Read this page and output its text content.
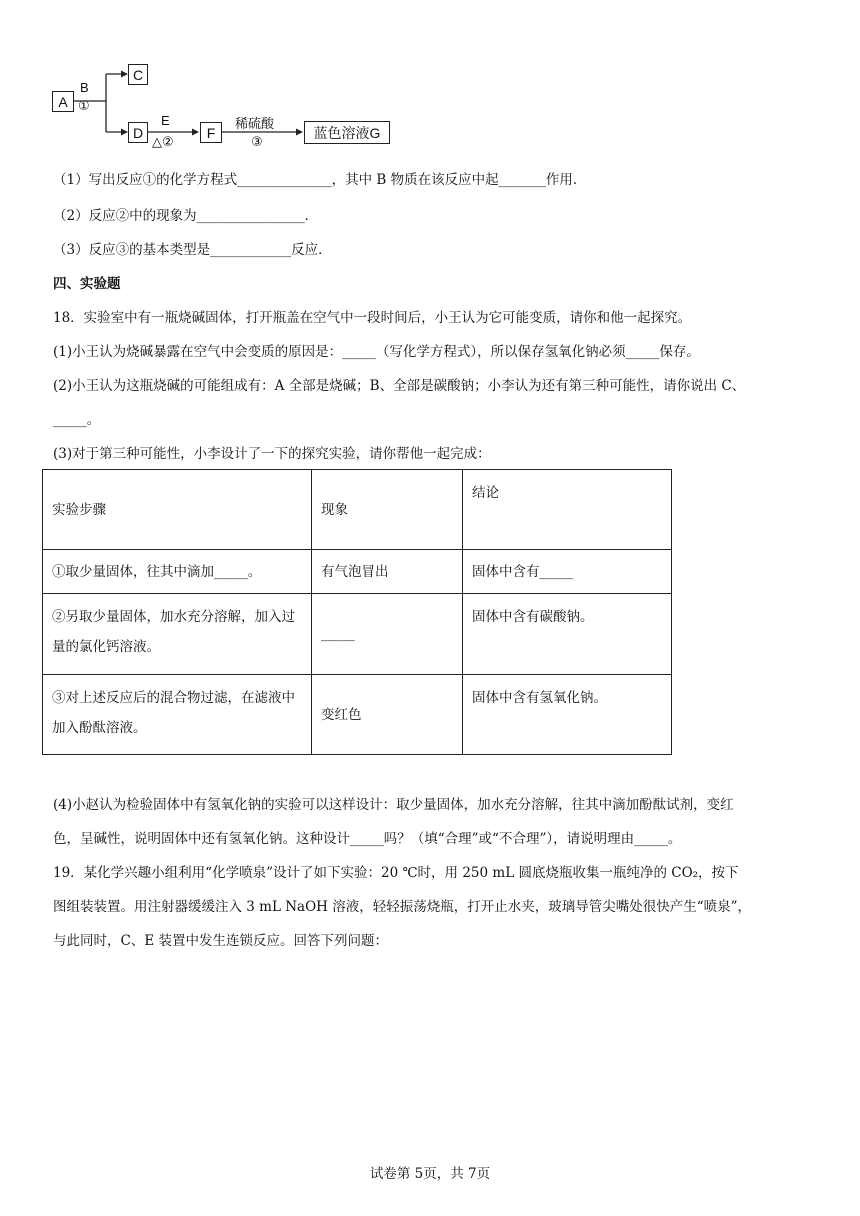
A
B
①
C
D
E
△②
F
稀硫酸
③
蓝色溶液G
（1）写出反应①的化学方程式______________，其中 B 物质在该反应中起_______作用．
（2）反应②中的现象为________________．
（3）反应③的基本类型是____________反应．
四、实验题
18．实验室中有一瓶烧碱固体，打开瓶盖在空气中一段时间后，小王认为它可能变质，请你和他一起探究。
(1)小王认为烧碱暴露在空气中会变质的原因是：_____（写化学方程式），所以保存氢氧化钠必须_____保存。
(2)小王认为这瓶烧碱的可能组成有：A 全部是烧碱；B、全部是碳酸钠；小李认为还有第三种可能性，请你说出 C、
_____。
(3)对于第三种可能性，小李设计了一下的探究实验，请你帮他一起完成：
实验步骤	现象	结论
①取少量固体，往其中滴加_____。	有气泡冒出	固体中含有_____
②另取少量固体，加水充分溶解，加入过量的氯化钙溶液。	_____	固体中含有碳酸钠。
③对上述反应后的混合物过滤，在滤液中加入酚酞溶液。	变红色	固体中含有氢氧化钠。
(4)小赵认为检验固体中有氢氧化钠的实验可以这样设计：取少量固体，加水充分溶解，往其中滴加酚酞试剂，变红
色，呈碱性，说明固体中还有氢氧化钠。这种设计_____吗？（填“合理”或“不合理”），请说明理由_____。
19．某化学兴趣小组利用“化学喷泉”设计了如下实验：20 ℃时，用 250 mL 圆底烧瓶收集一瓶纯净的 CO₂，按下
图组装装置。用注射器缓缓注入 3 mL NaOH 溶液，轻轻振荡烧瓶，打开止水夹，玻璃导管尖嘴处很快产生“喷泉”，
与此同时，C、E 装置中发生连锁反应。回答下列问题：
试卷第 5页，共 7页
